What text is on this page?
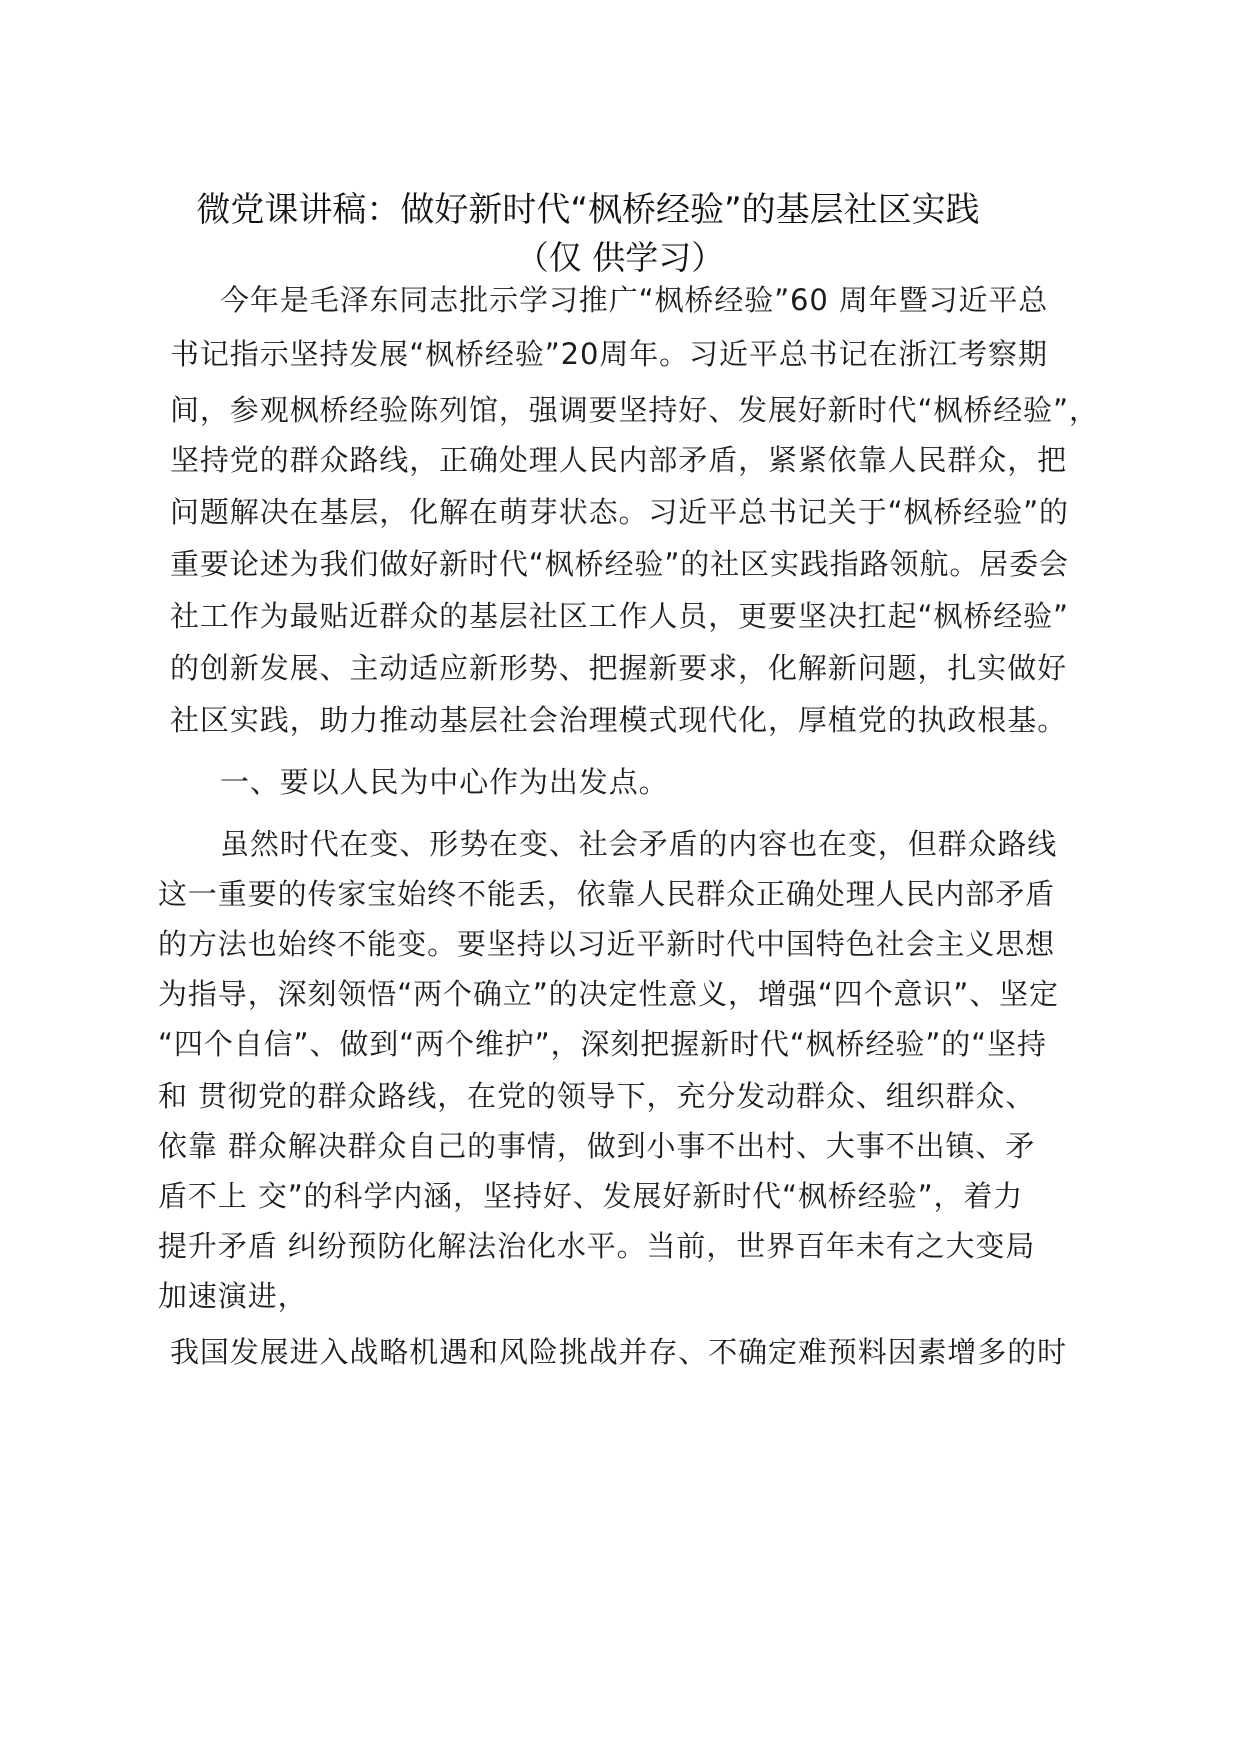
微党课讲稿：做好新时代“枫桥经验”的基层社区实践
（仅 供学习）
今年是毛泽东同志批示学习推广“枫桥经验”60 周年暨习近平总
书记指示坚持发展“枫桥经验”20周年。习近平总书记在浙江考察期
间，参观枫桥经验陈列馆，强调要坚持好、发展好新时代“枫桥经验”，
坚持党的群众路线，正确处理人民内部矛盾，紧紧依靠人民群众，把
问题解决在基层，化解在萌芽状态。习近平总书记关于“枫桥经验”的
重要论述为我们做好新时代“枫桥经验”的社区实践指路领航。居委会
社工作为最贴近群众的基层社区工作人员，更要坚决扛起“枫桥经验”
的创新发展、主动适应新形势、把握新要求，化解新问题，扎实做好
社区实践，助力推动基层社会治理模式现代化，厚植党的执政根基。
一、要以人民为中心作为出发点。
虽然时代在变、形势在变、社会矛盾的内容也在变，但群众路线
这一重要的传家宝始终不能丢，依靠人民群众正确处理人民内部矛盾
的方法也始终不能变。要坚持以习近平新时代中国特色社会主义思想
为指导，深刻领悟“两个确立”的决定性意义，增强“四个意识”、坚定
“四个自信”、做到“两个维护”，深刻把握新时代“枫桥经验”的“坚持
和 贯彻党的群众路线，在党的领导下，充分发动群众、组织群众、
依靠 群众解决群众自己的事情，做到小事不出村、大事不出镇、矛
盾不上 交”的科学内涵，坚持好、发展好新时代“枫桥经验”，着力
提升矛盾 纠纷预防化解法治化水平。当前，世界百年未有之大变局
加速演进，
我国发展进入战略机遇和风险挑战并存、不确定难预料因素增多的时
